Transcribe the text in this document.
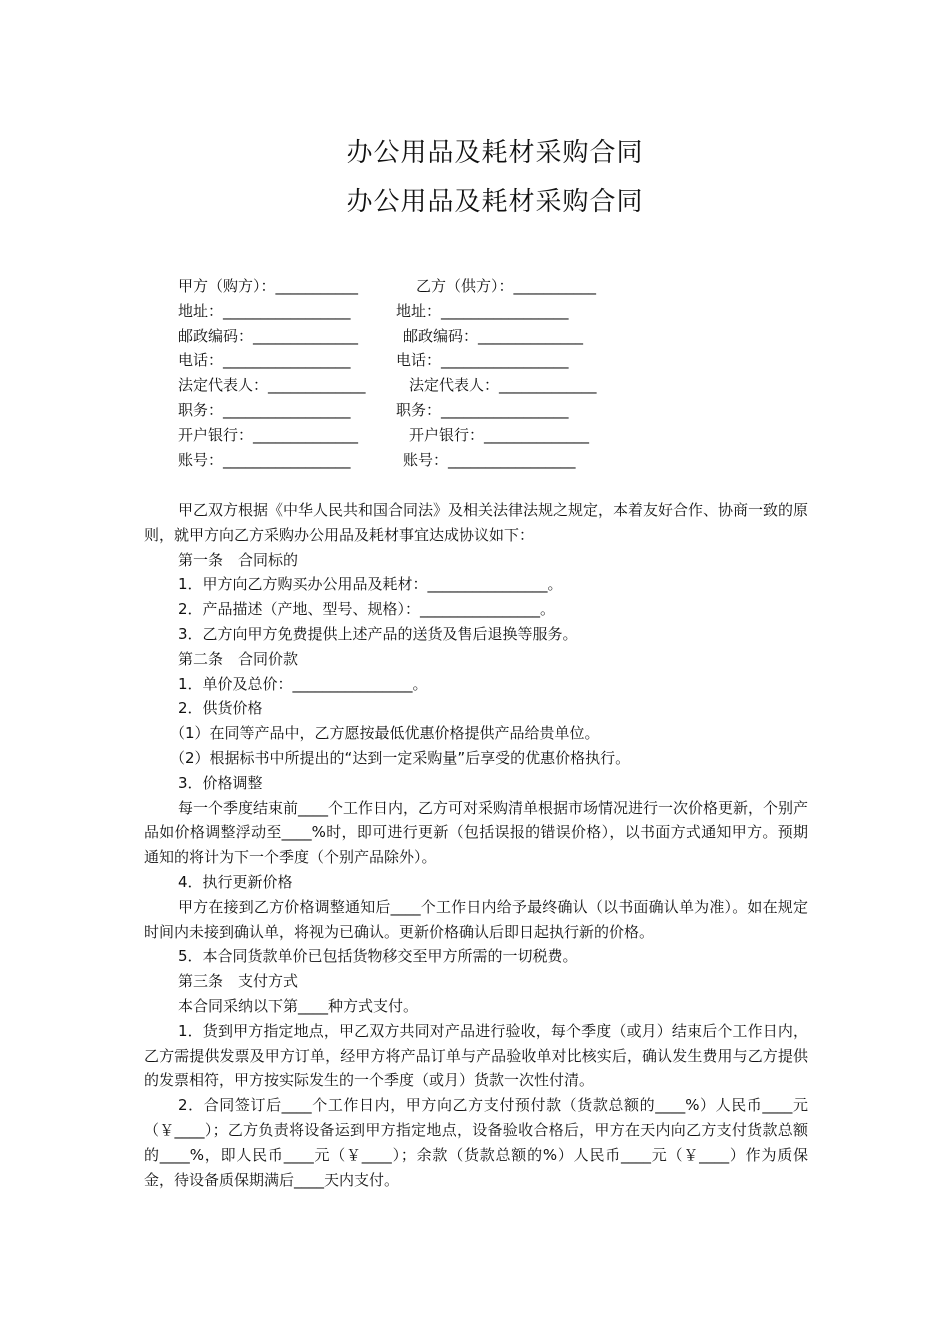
办公用品及耗材采购合同
办公用品及耗材采购合同
甲方（购方）：___________	乙方（供方）：___________
地址：_________________	地址：_________________
邮政编码：______________	邮政编码：______________
电话：_________________	电话：_________________
法定代表人：_____________	法定代表人：_____________
职务：_________________	职务：_________________
开户银行：______________	开户银行：______________
账号：_________________	账号：_________________

甲乙双方根据《中华人民共和国合同法》及相关法律法规之规定，本着友好合作、协商一致的原则，就甲方向乙方采购办公用品及耗材事宜达成协议如下：

第一条　合同标的

1．甲方向乙方购买办公用品及耗材：________________。

2．产品描述（产地、型号、规格）：________________。

3．乙方向甲方免费提供上述产品的送货及售后退换等服务。

第二条　合同价款

1．单价及总价：________________。

2．供货价格

（1）在同等产品中，乙方愿按最低优惠价格提供产品给贵单位。

（2）根据标书中所提出的“达到一定采购量”后享受的优惠价格执行。

3．价格调整

每一个季度结束前____个工作日内，乙方可对采购清单根据市场情况进行一次价格更新，个别产品如价格调整浮动至____%时，即可进行更新（包括误报的错误价格），以书面方式通知甲方。预期通知的将计为下一个季度（个别产品除外）。

4．执行更新价格

甲方在接到乙方价格调整通知后____个工作日内给予最终确认（以书面确认单为准）。如在规定时间内未接到确认单，将视为已确认。更新价格确认后即日起执行新的价格。

5．本合同货款单价已包括货物移交至甲方所需的一切税费。

第三条　支付方式

本合同采纳以下第____种方式支付。

1．货到甲方指定地点，甲乙双方共同对产品进行验收，每个季度（或月）结束后个工作日内，乙方需提供发票及甲方订单，经甲方将产品订单与产品验收单对比核实后，确认发生费用与乙方提供的发票相符，甲方按实际发生的一个季度（或月）货款一次性付清。

2．合同签订后____个工作日内，甲方向乙方支付预付款（货款总额的____%）人民币____元（￥____）；乙方负责将设备运到甲方指定地点，设备验收合格后，甲方在天内向乙方支付货款总额的____%，即人民币____元（￥____）；余款（货款总额的%）人民币____元（￥____）作为质保金，待设备质保期满后____天内支付。
